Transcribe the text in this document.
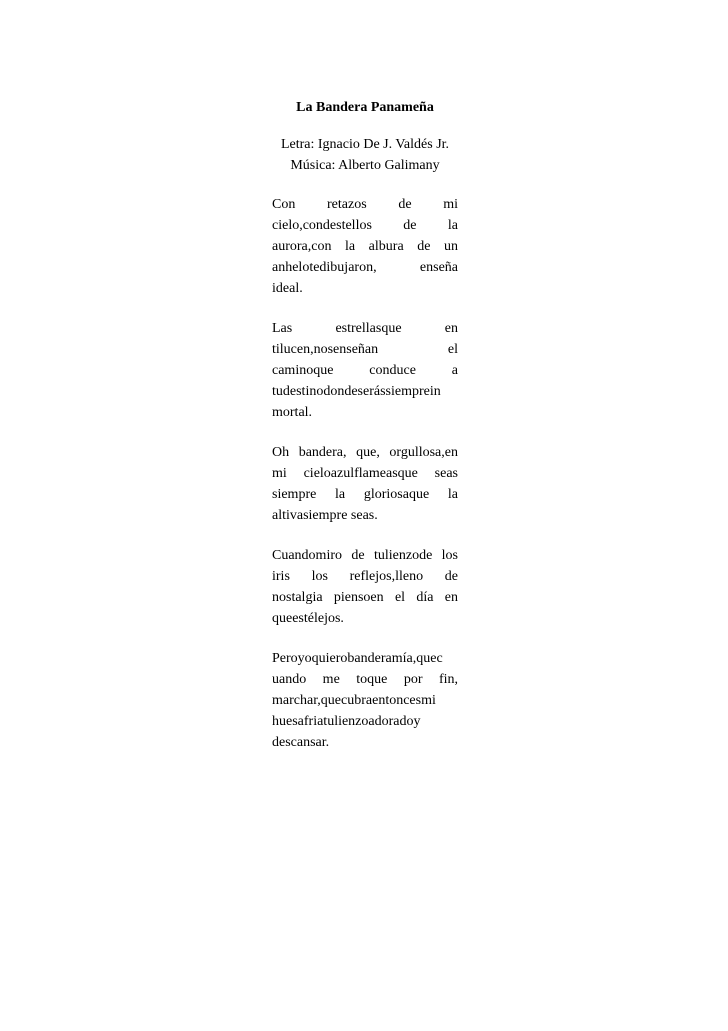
La Bandera Panameña
Letra: Ignacio De J. Valdés Jr.
Música: Alberto Galimany
Con retazos de mi
cielo,condestellos de la
aurora,con la albura de un
anhelotedibujaron, enseña
ideal.
Las estrellasque en
tilucen,nosenseñan el
caminoque conduce a
tudestinodondeserássiemprein
mortal.
Oh bandera, que, orgullosa,en
mi cieloazulflameasque seas
siempre la gloriosaque la
altivasiempre seas.
Cuandomiro de tulienzode los
iris los reflejos,lleno de
nostalgia piensoen el día en
queestélejos.
Peroyoquierobanderamía,quec
uando me toque por fin,
marchar,quecubraentoncesmi
huesafriatulienzoadoradoy
descansar.
